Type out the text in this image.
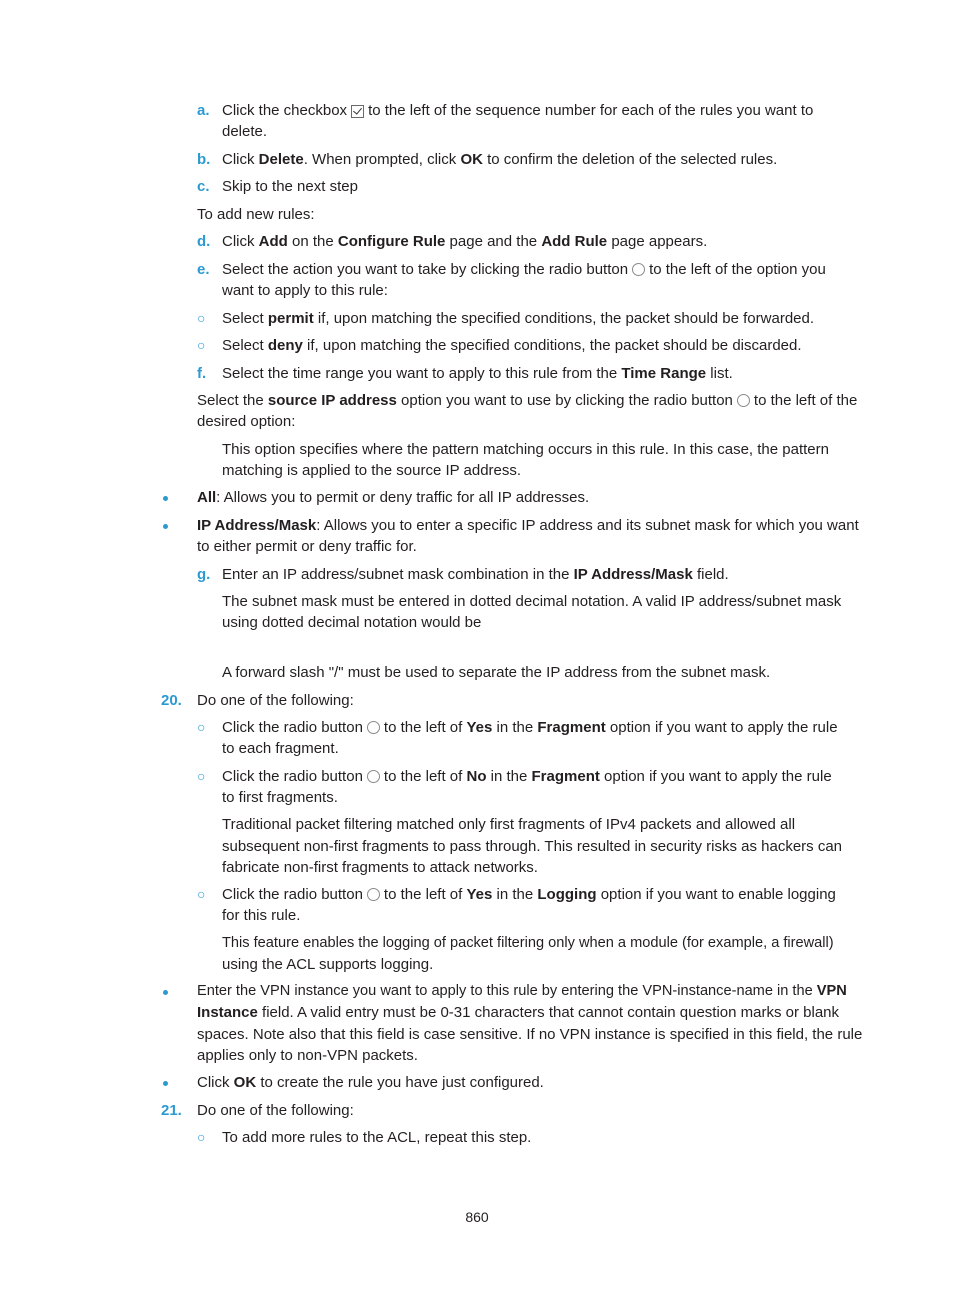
a. Click the checkbox to the left of the sequence number for each of the rules you want to
delete.
b. Click Delete. When prompted, click OK to confirm the deletion of the selected rules.
c. Skip to the next step
To add new rules:
d. Click Add on the Configure Rule page and the Add Rule page appears.
e. Select the action you want to take by clicking the radio button to the left of the option you
want to apply to this rule:
○ Select permit if, upon matching the specified conditions, the packet should be forwarded.
○ Select deny if, upon matching the specified conditions, the packet should be discarded.
f. Select the time range you want to apply to this rule from the Time Range list.
Select the source IP address option you want to use by clicking the radio button to the left of the
desired option:
This option specifies where the pattern matching occurs in this rule. In this case, the pattern
matching is applied to the source IP address.
All: Allows you to permit or deny traffic for all IP addresses.
IP Address/Mask: Allows you to enter a specific IP address and its subnet mask for which you want
to either permit or deny traffic for.
g. Enter an IP address/subnet mask combination in the IP Address/Mask field.
The subnet mask must be entered in dotted decimal notation. A valid IP address/subnet mask
using dotted decimal notation would be
A forward slash "/" must be used to separate the IP address from the subnet mask.
20. Do one of the following:
○ Click the radio button to the left of Yes in the Fragment option if you want to apply the rule
to each fragment.
○ Click the radio button to the left of No in the Fragment option if you want to apply the rule
to first fragments.
Traditional packet filtering matched only first fragments of IPv4 packets and allowed all
subsequent non-first fragments to pass through. This resulted in security risks as hackers can
fabricate non-first fragments to attack networks.
○ Click the radio button to the left of Yes in the Logging option if you want to enable logging
for this rule.
This feature enables the logging of packet filtering only when a module (for example, a firewall)
using the ACL supports logging.
Enter the VPN instance you want to apply to this rule by entering the VPN-instance-name in the VPN
Instance field. A valid entry must be 0-31 characters that cannot contain question marks or blank
spaces. Note also that this field is case sensitive. If no VPN instance is specified in this field, the rule
applies only to non-VPN packets.
Click OK to create the rule you have just configured.
21. Do one of the following:
○ To add more rules to the ACL, repeat this step.
860
